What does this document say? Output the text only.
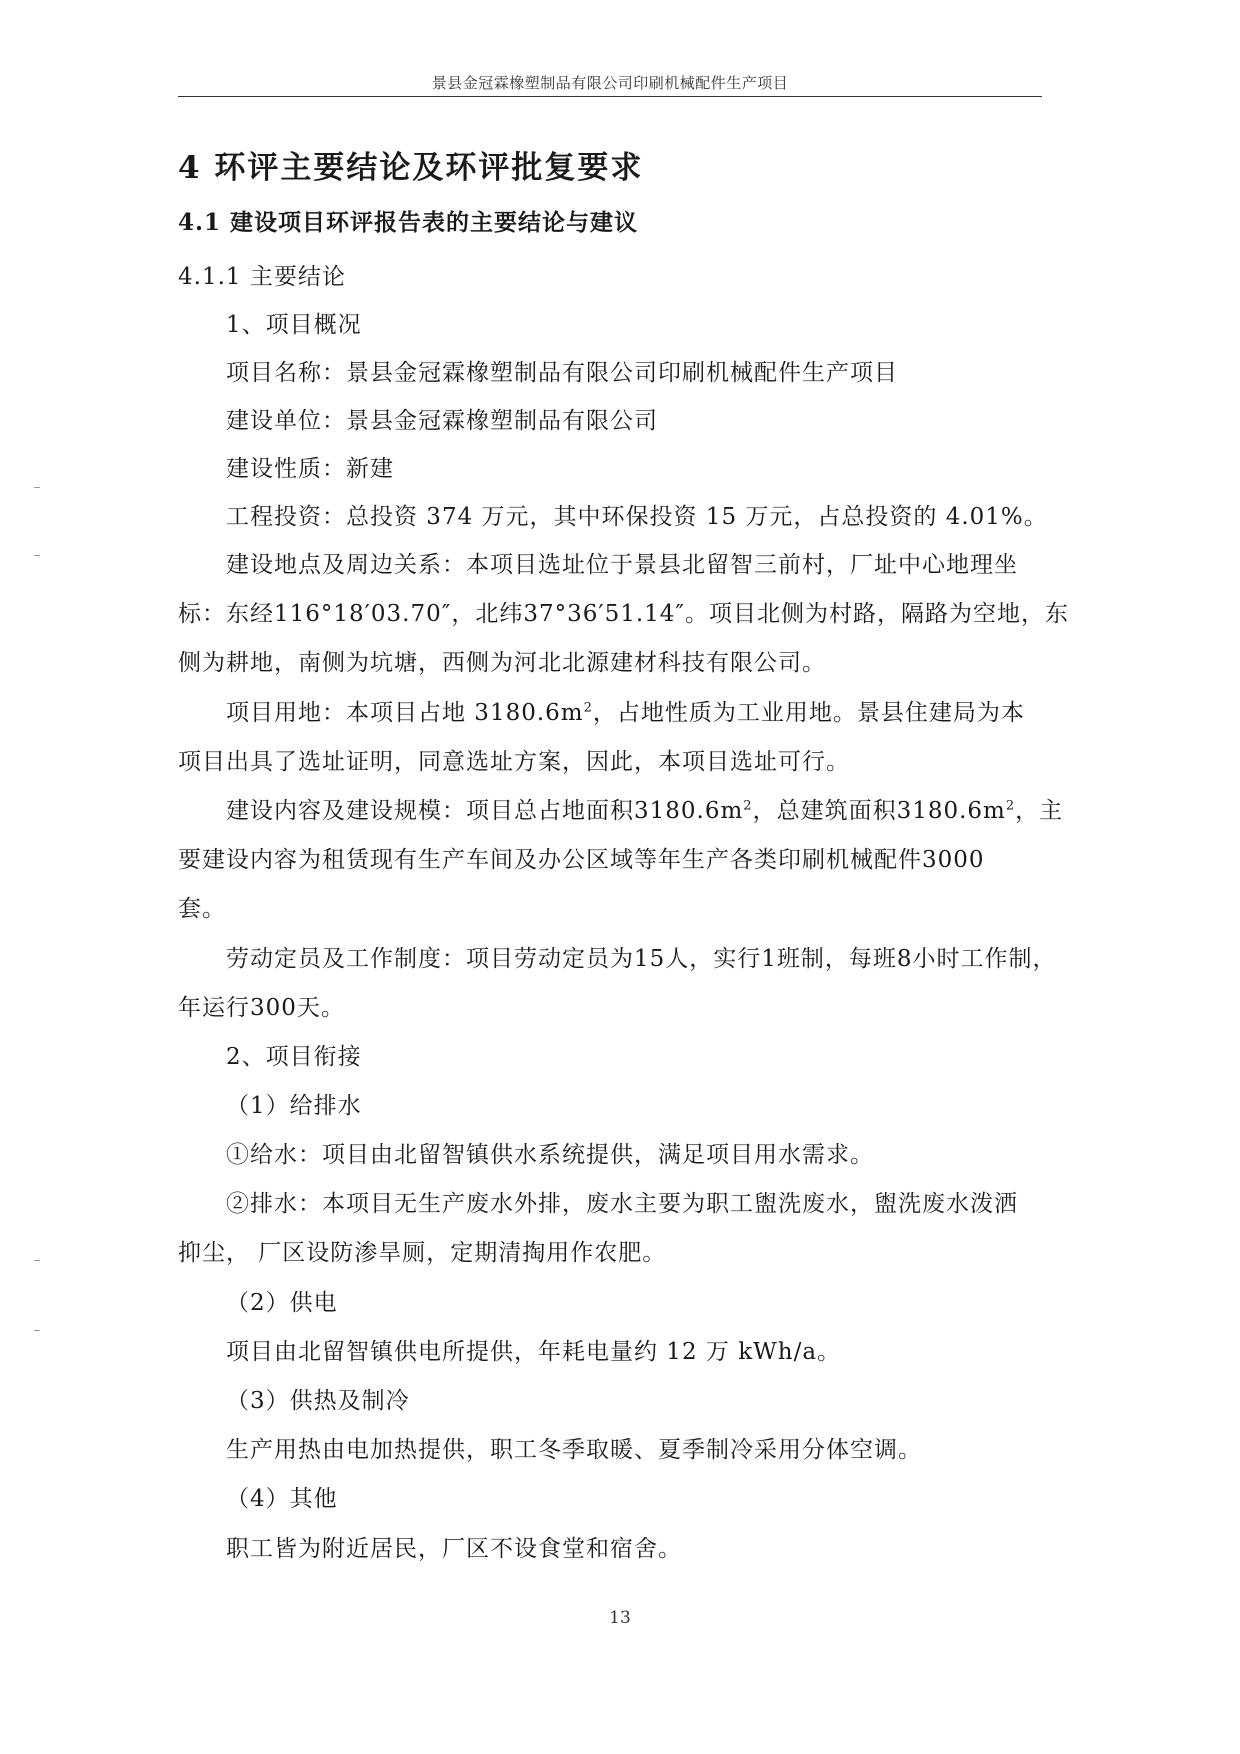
景县金冠霖橡塑制品有限公司印刷机械配件生产项目
4 环评主要结论及环评批复要求
4.1 建设项目环评报告表的主要结论与建议
4.1.1 主要结论
1、项目概况
项目名称：景县金冠霖橡塑制品有限公司印刷机械配件生产项目
建设单位：景县金冠霖橡塑制品有限公司
建设性质：新建
工程投资：总投资 374 万元，其中环保投资 15 万元，占总投资的 4.01%。
建设地点及周边关系：本项目选址位于景县北留智三前村，厂址中心地理坐
标：东经116°18′03.70″，北纬37°36′51.14″。项目北侧为村路，隔路为空地，东
侧为耕地，南侧为坑塘，西侧为河北北源建材科技有限公司。
项目用地：本项目占地 $3180.6m^2$，占地性质为工业用地。景县住建局为本
项目出具了选址证明，同意选址方案，因此，本项目选址可行。
建设内容及建设规模：项目总占地面积$3180.6m^2$，总建筑面积$3180.6m^2$，主
要建设内容为租赁现有生产车间及办公区域等年生产各类印刷机械配件3000
套。
劳动定员及工作制度：项目劳动定员为15人，实行1班制，每班8小时工作制，
年运行300天。
2、项目衔接
（1）给排水
①给水：项目由北留智镇供水系统提供，满足项目用水需求。
②排水：本项目无生产废水外排，废水主要为职工盥洗废水，盥洗废水泼洒
抑尘， 厂区设防渗旱厕，定期清掏用作农肥。
（2）供电
项目由北留智镇供电所提供，年耗电量约 12 万 kWh/a。
（3）供热及制冷
生产用热由电加热提供，职工冬季取暖、夏季制冷采用分体空调。
（4）其他
职工皆为附近居民，厂区不设食堂和宿舍。
13
